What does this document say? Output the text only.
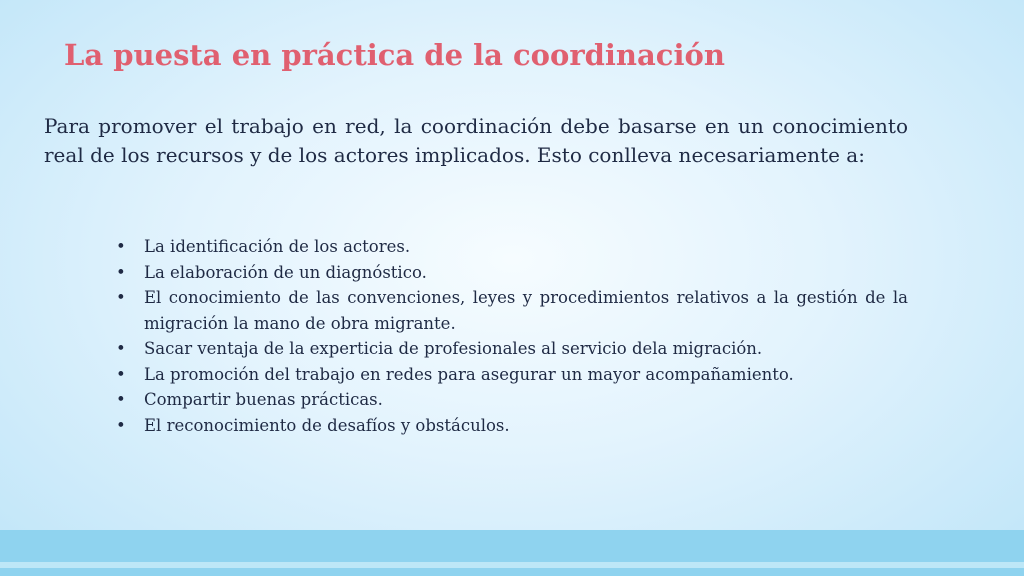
La puesta en práctica de la coordinación

Para promover el trabajo en red, la coordinación debe basarse en un conocimiento real de los recursos y de los actores implicados. Esto conlleva necesariamente a:

• La identificación de los actores.
• La elaboración de un diagnóstico.
• El conocimiento de las convenciones, leyes y procedimientos relativos a la gestión de la migración la mano de obra migrante.
• Sacar ventaja de la experticia de profesionales al servicio dela migración.
• La promoción del trabajo en redes para asegurar un mayor acompañamiento.
• Compartir buenas prácticas.
• El reconocimiento de desafíos y obstáculos.
